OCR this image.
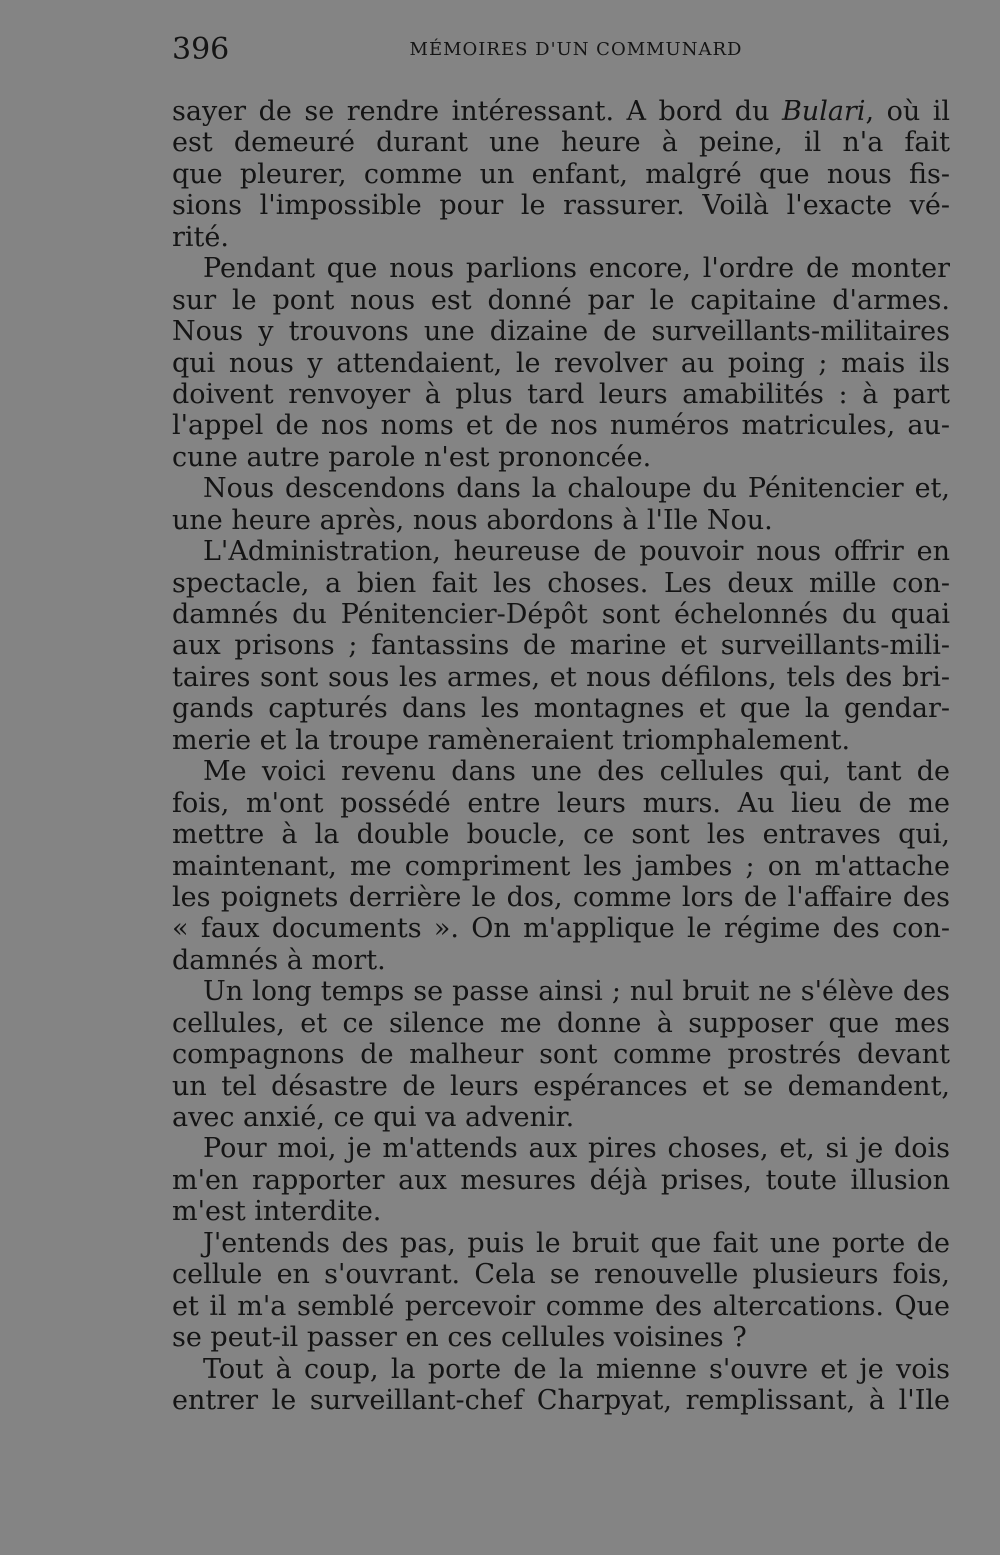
396	MÉMOIRES D'UN COMMUNARD
sayer de se rendre intéressant. A bord du Bulari, où il
est demeuré durant une heure à peine, il n'a fait
que pleurer, comme un enfant, malgré que nous fis-
sions l'impossible pour le rassurer. Voilà l'exacte vé-
rité.
Pendant que nous parlions encore, l'ordre de monter
sur le pont nous est donné par le capitaine d'armes.
Nous y trouvons une dizaine de surveillants-militaires
qui nous y attendaient, le revolver au poing ; mais ils
doivent renvoyer à plus tard leurs amabilités : à part
l'appel de nos noms et de nos numéros matricules, au-
cune autre parole n'est prononcée.
Nous descendons dans la chaloupe du Pénitencier et,
une heure après, nous abordons à l'Ile Nou.
L'Administration, heureuse de pouvoir nous offrir en
spectacle, a bien fait les choses. Les deux mille con-
damnés du Pénitencier-Dépôt sont échelonnés du quai
aux prisons ; fantassins de marine et surveillants-mili-
taires sont sous les armes, et nous défilons, tels des bri-
gands capturés dans les montagnes et que la gendar-
merie et la troupe ramèneraient triomphalement.
Me voici revenu dans une des cellules qui, tant de
fois, m'ont possédé entre leurs murs. Au lieu de me
mettre à la double boucle, ce sont les entraves qui,
maintenant, me compriment les jambes ; on m'attache
les poignets derrière le dos, comme lors de l'affaire des
« faux documents ». On m'applique le régime des con-
damnés à mort.
Un long temps se passe ainsi ; nul bruit ne s'élève des
cellules, et ce silence me donne à supposer que mes
compagnons de malheur sont comme prostrés devant
un tel désastre de leurs espérances et se demandent,
avec anxié, ce qui va advenir.
Pour moi, je m'attends aux pires choses, et, si je dois
m'en rapporter aux mesures déjà prises, toute illusion
m'est interdite.
J'entends des pas, puis le bruit que fait une porte de
cellule en s'ouvrant. Cela se renouvelle plusieurs fois,
et il m'a semblé percevoir comme des altercations. Que
se peut-il passer en ces cellules voisines ?
Tout à coup, la porte de la mienne s'ouvre et je vois
entrer le surveillant-chef Charpyat, remplissant, à l'Ile
